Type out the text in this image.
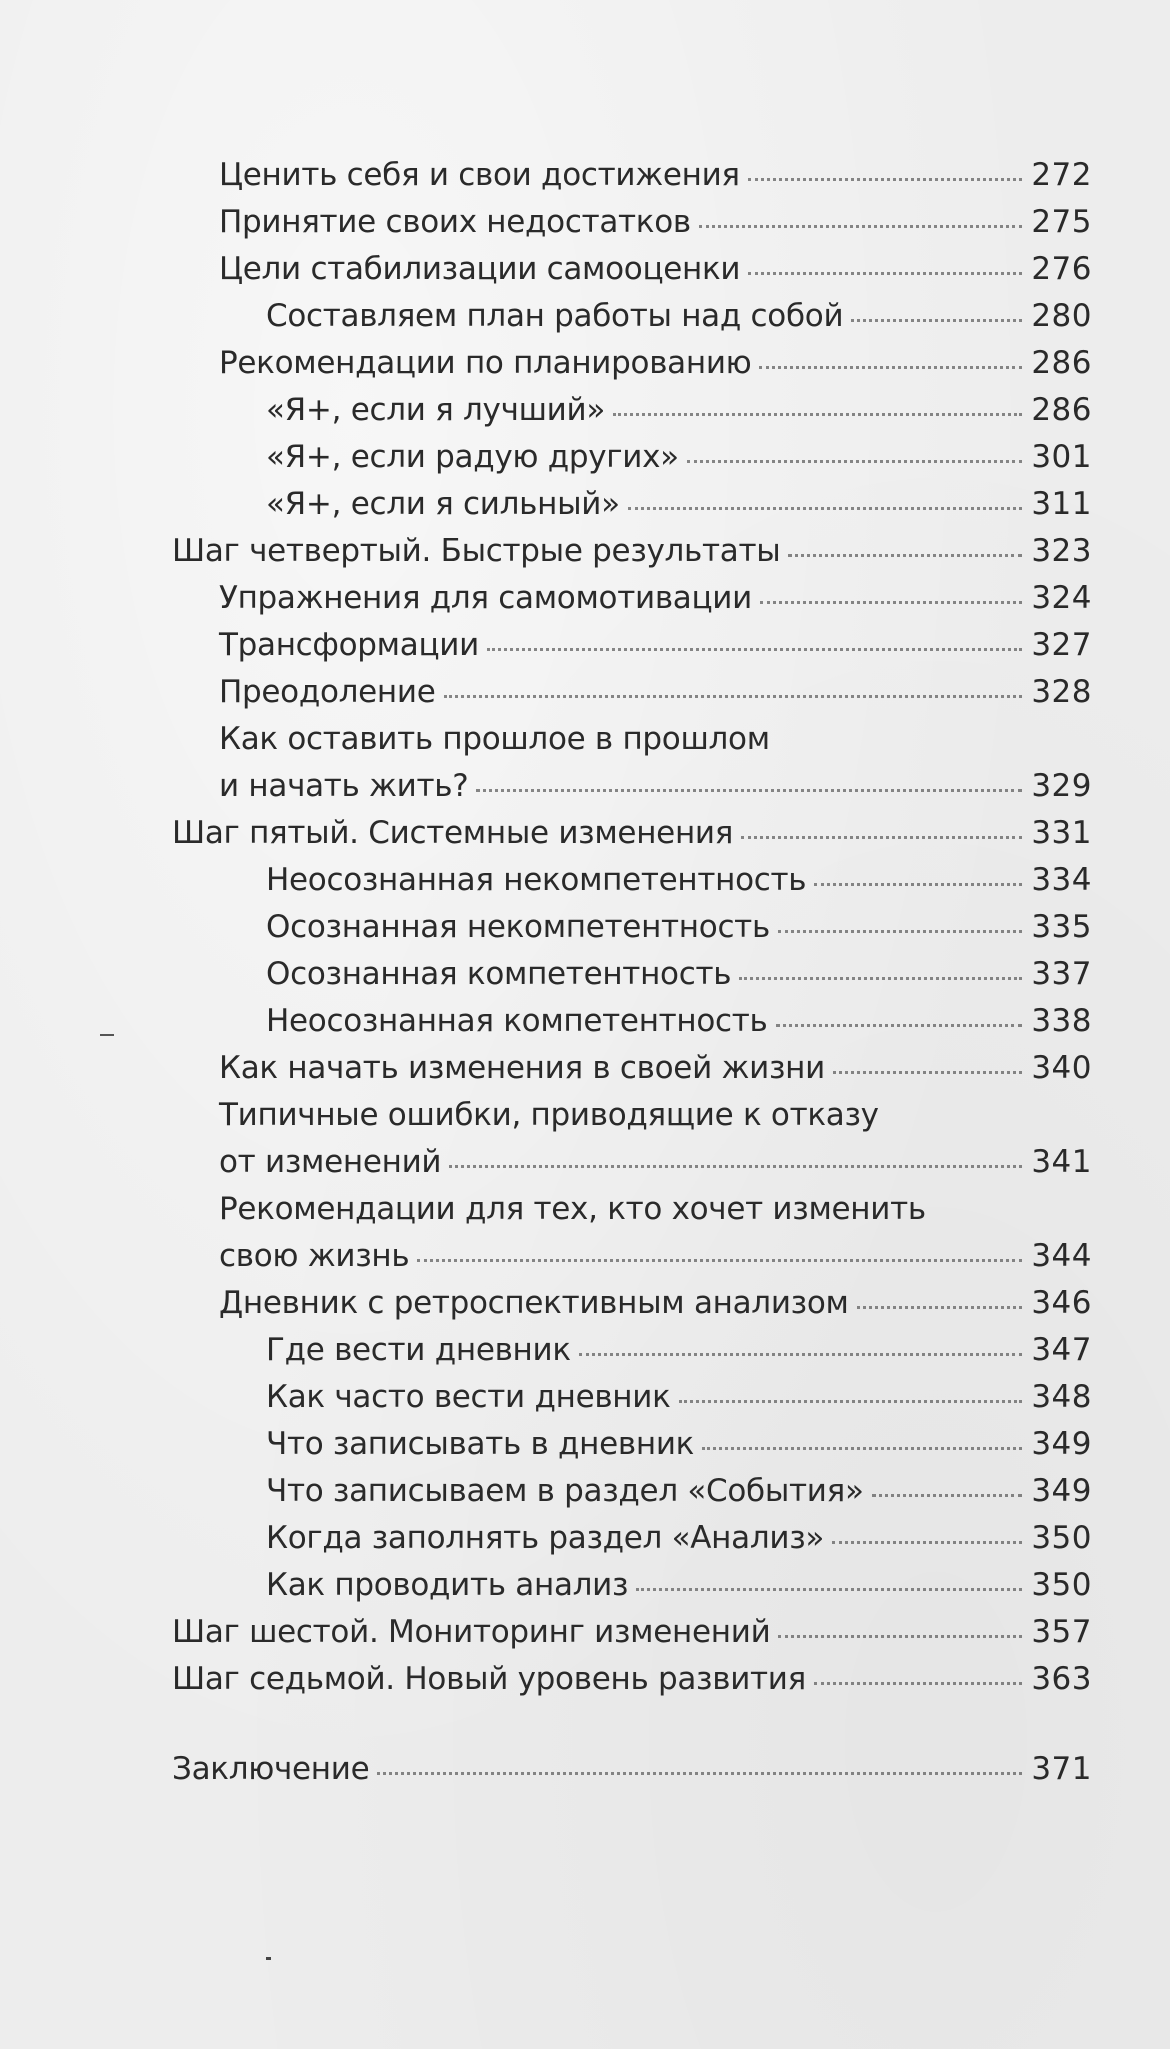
Ценить себя и свои достижения	272
Принятие своих недостатков	275
Цели стабилизации самооценки	276
Составляем план работы над собой	280
Рекомендации по планированию	286
«Я+, если я лучший»	286
«Я+, если радую других»	301
«Я+, если я сильный»	311
Шаг четвертый. Быстрые результаты	323
Упражнения для самомотивации	324
Трансформации	327
Преодоление	328
Как оставить прошлое в прошлом
и начать жить?	329
Шаг пятый. Системные изменения	331
Неосознанная некомпетентность	334
Осознанная некомпетентность	335
Осознанная компетентность	337
Неосознанная компетентность	338
Как начать изменения в своей жизни	340
Типичные ошибки, приводящие к отказу
от изменений	341
Рекомендации для тех, кто хочет изменить
свою жизнь	344
Дневник с ретроспективным анализом	346
Где вести дневник	347
Как часто вести дневник	348
Что записывать в дневник	349
Что записываем в раздел «События»	349
Когда заполнять раздел «Анализ»	350
Как проводить анализ	350
Шаг шестой. Мониторинг изменений	357
Шаг седьмой. Новый уровень развития	363
Заключение	371
